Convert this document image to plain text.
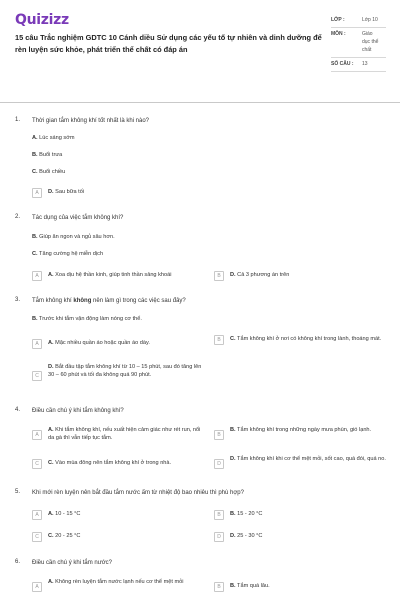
Quizizz
15 câu Trắc nghiệm GDTC 10 Cánh diều Sử dụng các yếu tố tự nhiên và dinh dưỡng để rèn luyện sức khỏe, phát triển thể chất có đáp án
LỚP :	Lớp 10
MÔN :	Giáo dục thể chất
SỐ CÂU : 13
1. Thời gian tắm không khí tốt nhất là khi nào?
A. Lúc sáng sớm
B. Buổi trưa
C. Buổi chiều
A	D. Sau bữa tối
2. Tác dụng của việc tắm không khí?
B. Giúp ăn ngon và ngủ sâu hơn.
C. Tăng cường hệ miễn dịch
A	A. Xoa dịu hệ thần kinh, giúp tinh thần sảng khoái	B	D. Cả 3 phương án trên
3. Tắm không khí không nên làm gì trong các việc sau đây?
B. Trước khi tắm vận động làm nóng cơ thể.
A	A. Mặc nhiều quần áo hoặc quần áo dày.	B	C. Tắm không khí ở nơi có không khí trong lành, thoáng mát.
C
D. Bắt đầu tập tắm không khí từ 10 – 15 phút, sau đó tăng lên 30 – 60 phút và tối đa không quá 90 phút.
4. Điều cần chú ý khi tắm không khí?
A
A. Khi tắm không khí, nếu xuất hiện cảm giác như rét run, nổi da gà thì vẫn tiếp tục tắm.	B
B. Tắm không khí trong những ngày mưa phùn, gió lạnh.
C	C. Vào mùa đông nên tắm không khí ở trong nhà.	D
D. Tắm không khí khi cơ thể mệt mỏi, sốt cao, quá đói, quá no.
5. Khi mới rèn luyện nên bắt đầu tắm nước ấm từ nhiệt độ bao nhiêu thì phù hợp?
A	A. 10 - 15 °C	B	B. 15 - 20 °C
C	C. 20 - 25 °C	D	D. 25 - 30 °C
6. Điều cần chú ý khi tắm nước?
A
A. Không rèn luyện tắm nước lạnh nếu cơ thể mệt mỏi
B	B. Tắm quá lâu.
